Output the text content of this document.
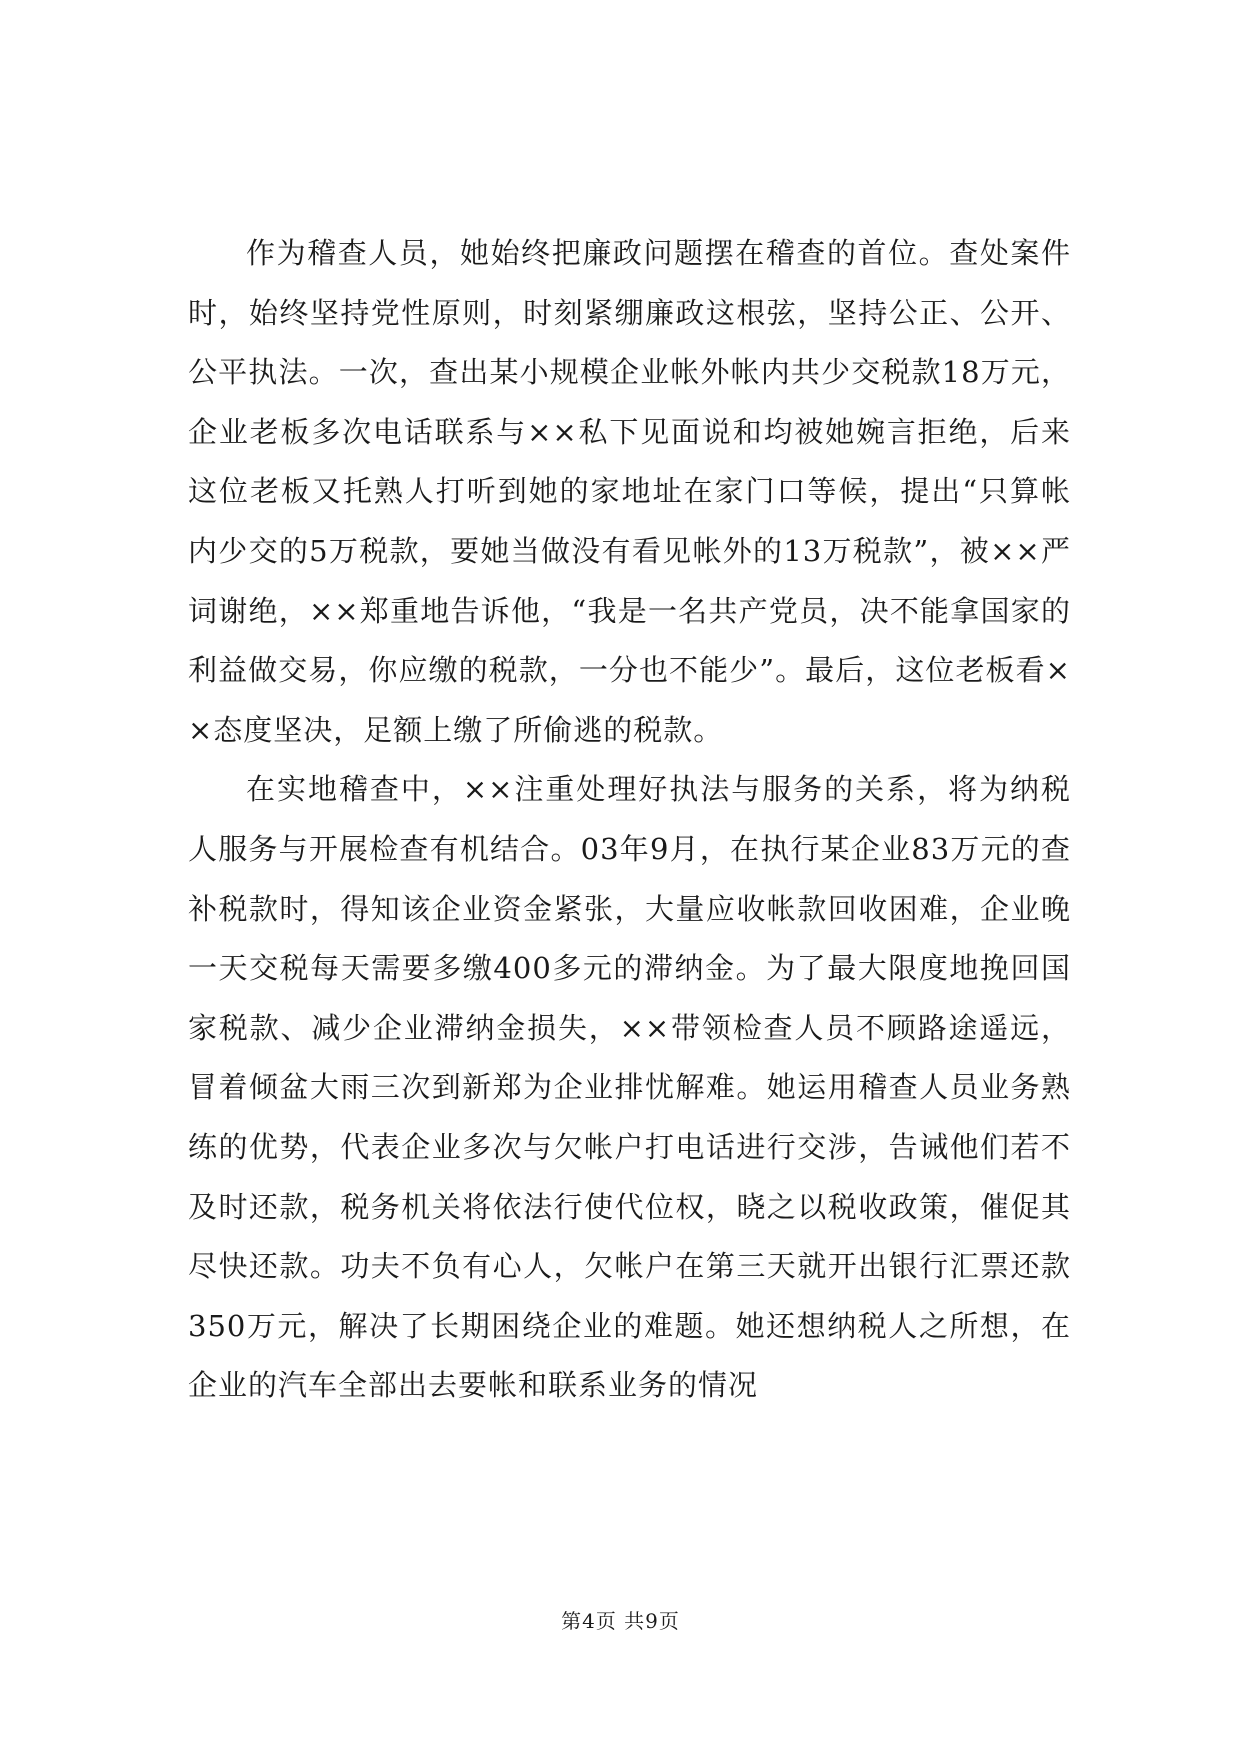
作为稽查人员，她始终把廉政问题摆在稽查的首位。查处案件时，始终坚持党性原则，时刻紧绷廉政这根弦，坚持公正、公开、公平执法。一次，查出某小规模企业帐外帐内共少交税款18万元，企业老板多次电话联系与××私下见面说和均被她婉言拒绝，后来这位老板又托熟人打听到她的家地址在家门口等候，提出“只算帐内少交的5万税款，要她当做没有看见帐外的13万税款”，被××严词谢绝，××郑重地告诉他，“我是一名共产党员，决不能拿国家的利益做交易，你应缴的税款，一分也不能少”。最后，这位老板看××态度坚决，足额上缴了所偷逃的税款。

在实地稽查中，××注重处理好执法与服务的关系，将为纳税人服务与开展检查有机结合。03年9月，在执行某企业83万元的查补税款时，得知该企业资金紧张，大量应收帐款回收困难，企业晚一天交税每天需要多缴400多元的滞纳金。为了最大限度地挽回国家税款、减少企业滞纳金损失，××带领检查人员不顾路途遥远，冒着倾盆大雨三次到新郑为企业排忧解难。她运用稽查人员业务熟练的优势，代表企业多次与欠帐户打电话进行交涉，告诫他们若不及时还款，税务机关将依法行使代位权，晓之以税收政策，催促其尽快还款。功夫不负有心人，欠帐户在第三天就开出银行汇票还款350万元，解决了长期困绕企业的难题。她还想纳税人之所想，在企业的汽车全部出去要帐和联系业务的情况

第4页 共9页
